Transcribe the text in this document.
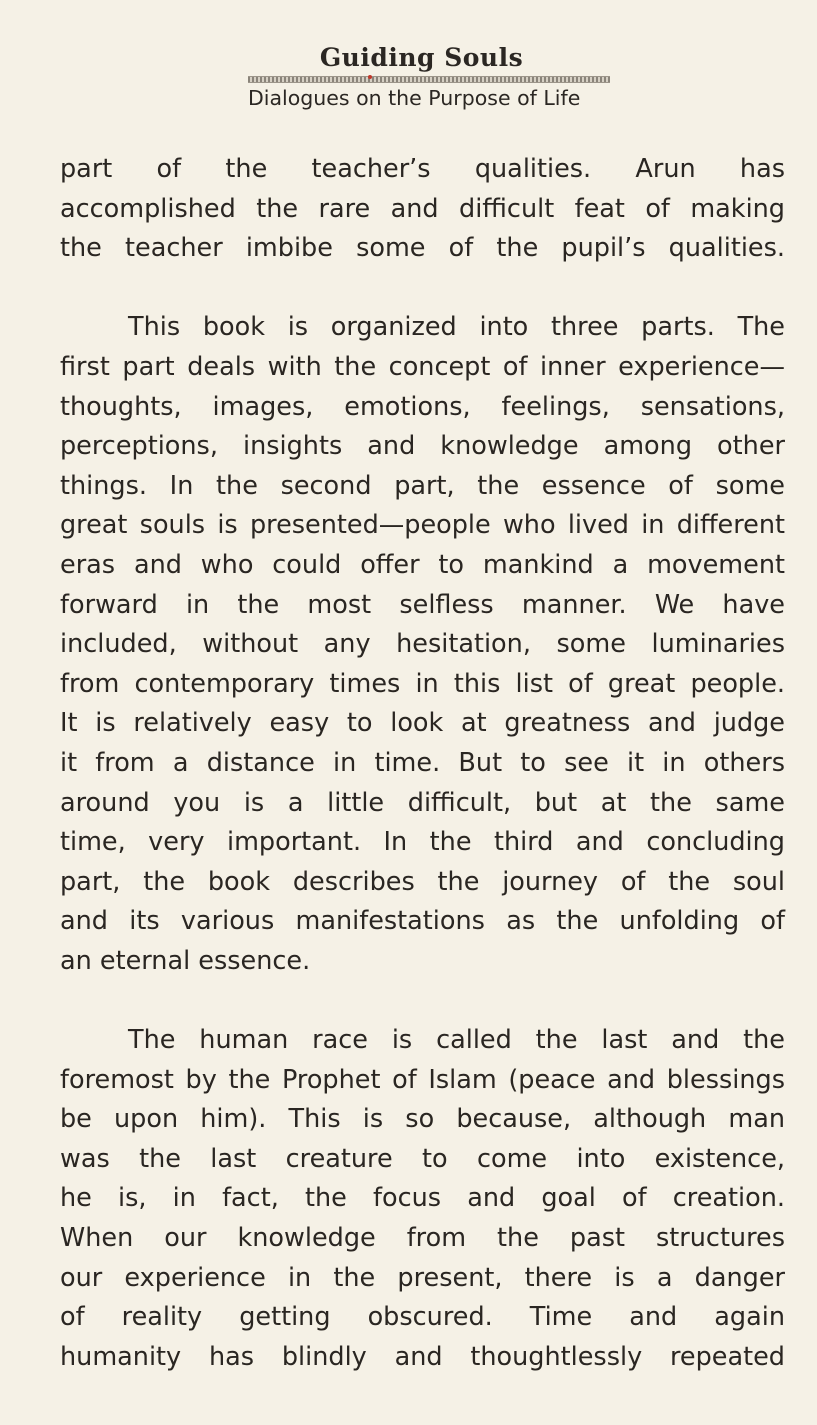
Guiding Souls
Dialogues on the Purpose of Life
part of the teacher’s qualities. Arun has
accomplished the rare and difficult feat of making
the teacher imbibe some of the pupil’s qualities.
This book is organized into three parts. The
first part deals with the concept of inner experience—
thoughts, images, emotions, feelings, sensations,
perceptions, insights and knowledge among other
things. In the second part, the essence of some
great souls is presented—people who lived in different
eras and who could offer to mankind a movement
forward in the most selfless manner. We have
included, without any hesitation, some luminaries
from contemporary times in this list of great people.
It is relatively easy to look at greatness and judge
it from a distance in time. But to see it in others
around you is a little difficult, but at the same
time, very important. In the third and concluding
part, the book describes the journey of the soul
and its various manifestations as the unfolding of
an eternal essence.
The human race is called the last and the
foremost by the Prophet of Islam (peace and blessings
be upon him). This is so because, although man
was the last creature to come into existence,
he is, in fact, the focus and goal of creation.
When our knowledge from the past structures
our experience in the present, there is a danger
of reality getting obscured. Time and again
humanity has blindly and thoughtlessly repeated
